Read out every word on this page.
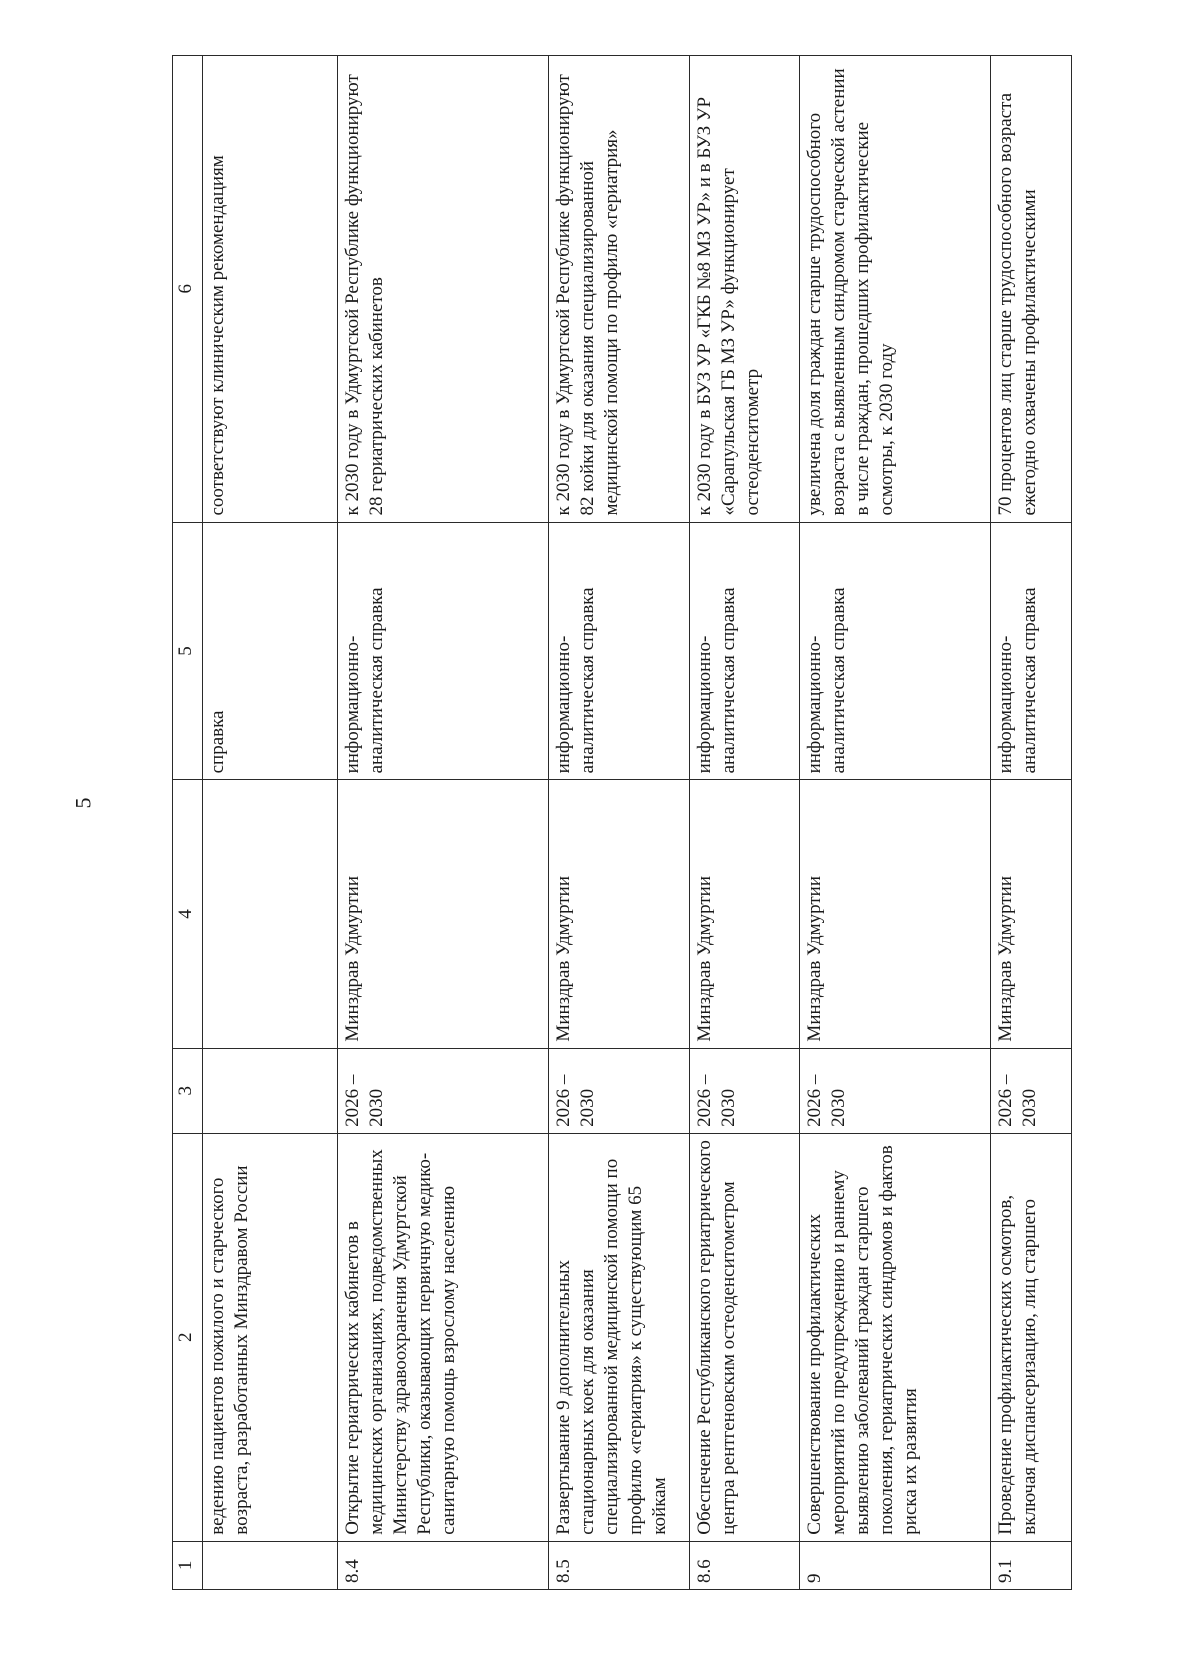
5
1	2	3	4	5	6
	ведению пациентов пожилого и старческого возраста, разработанных Минздравом России			справка	соответствуют клиническим рекомендациям
8.4	Открытие гериатрических кабинетов в медицинских организациях, подведомственных Министерству здравоохранения Удмуртской Республики, оказывающих первичную медико-санитарную помощь взрослому населению	2026 – 2030	Минздрав Удмуртии	информационно-аналитическая справка	к 2030 году в Удмуртской Республике функционируют 28 гериатрических кабинетов
8.5	Развертывание 9 дополнительных стационарных коек для оказания специализированной медицинской помощи по профилю «гериатрия» к существующим 65 койкам	2026 – 2030	Минздрав Удмуртии	информационно-аналитическая справка	к 2030 году в Удмуртской Республике функционируют 82 койки для оказания специализированной медицинской помощи по профилю «гериатрия»
8.6	Обеспечение Республиканского гериатрического центра рентгеновским остеоденситометром	2026 – 2030	Минздрав Удмуртии	информационно-аналитическая справка	к 2030 году в БУЗ УР «ГКБ №8 МЗ УР» и в БУЗ УР «Сарапульская ГБ МЗ УР» функционирует остеоденситометр
9	Совершенствование профилактических мероприятий по предупреждению и раннему выявлению заболеваний граждан старшего поколения, гериатрических синдромов и фактов риска их развития	2026 – 2030	Минздрав Удмуртии	информационно-аналитическая справка	увеличена доля граждан старше трудоспособного возраста с выявленным синдромом старческой астении в числе граждан, прошедших профилактические осмотры, к 2030 году
9.1	Проведение профилактических осмотров, включая диспансеризацию, лиц старшего	2026 – 2030	Минздрав Удмуртии	информационно-аналитическая справка	70 процентов лиц старше трудоспособного возраста ежегодно охвачены профилактическими
